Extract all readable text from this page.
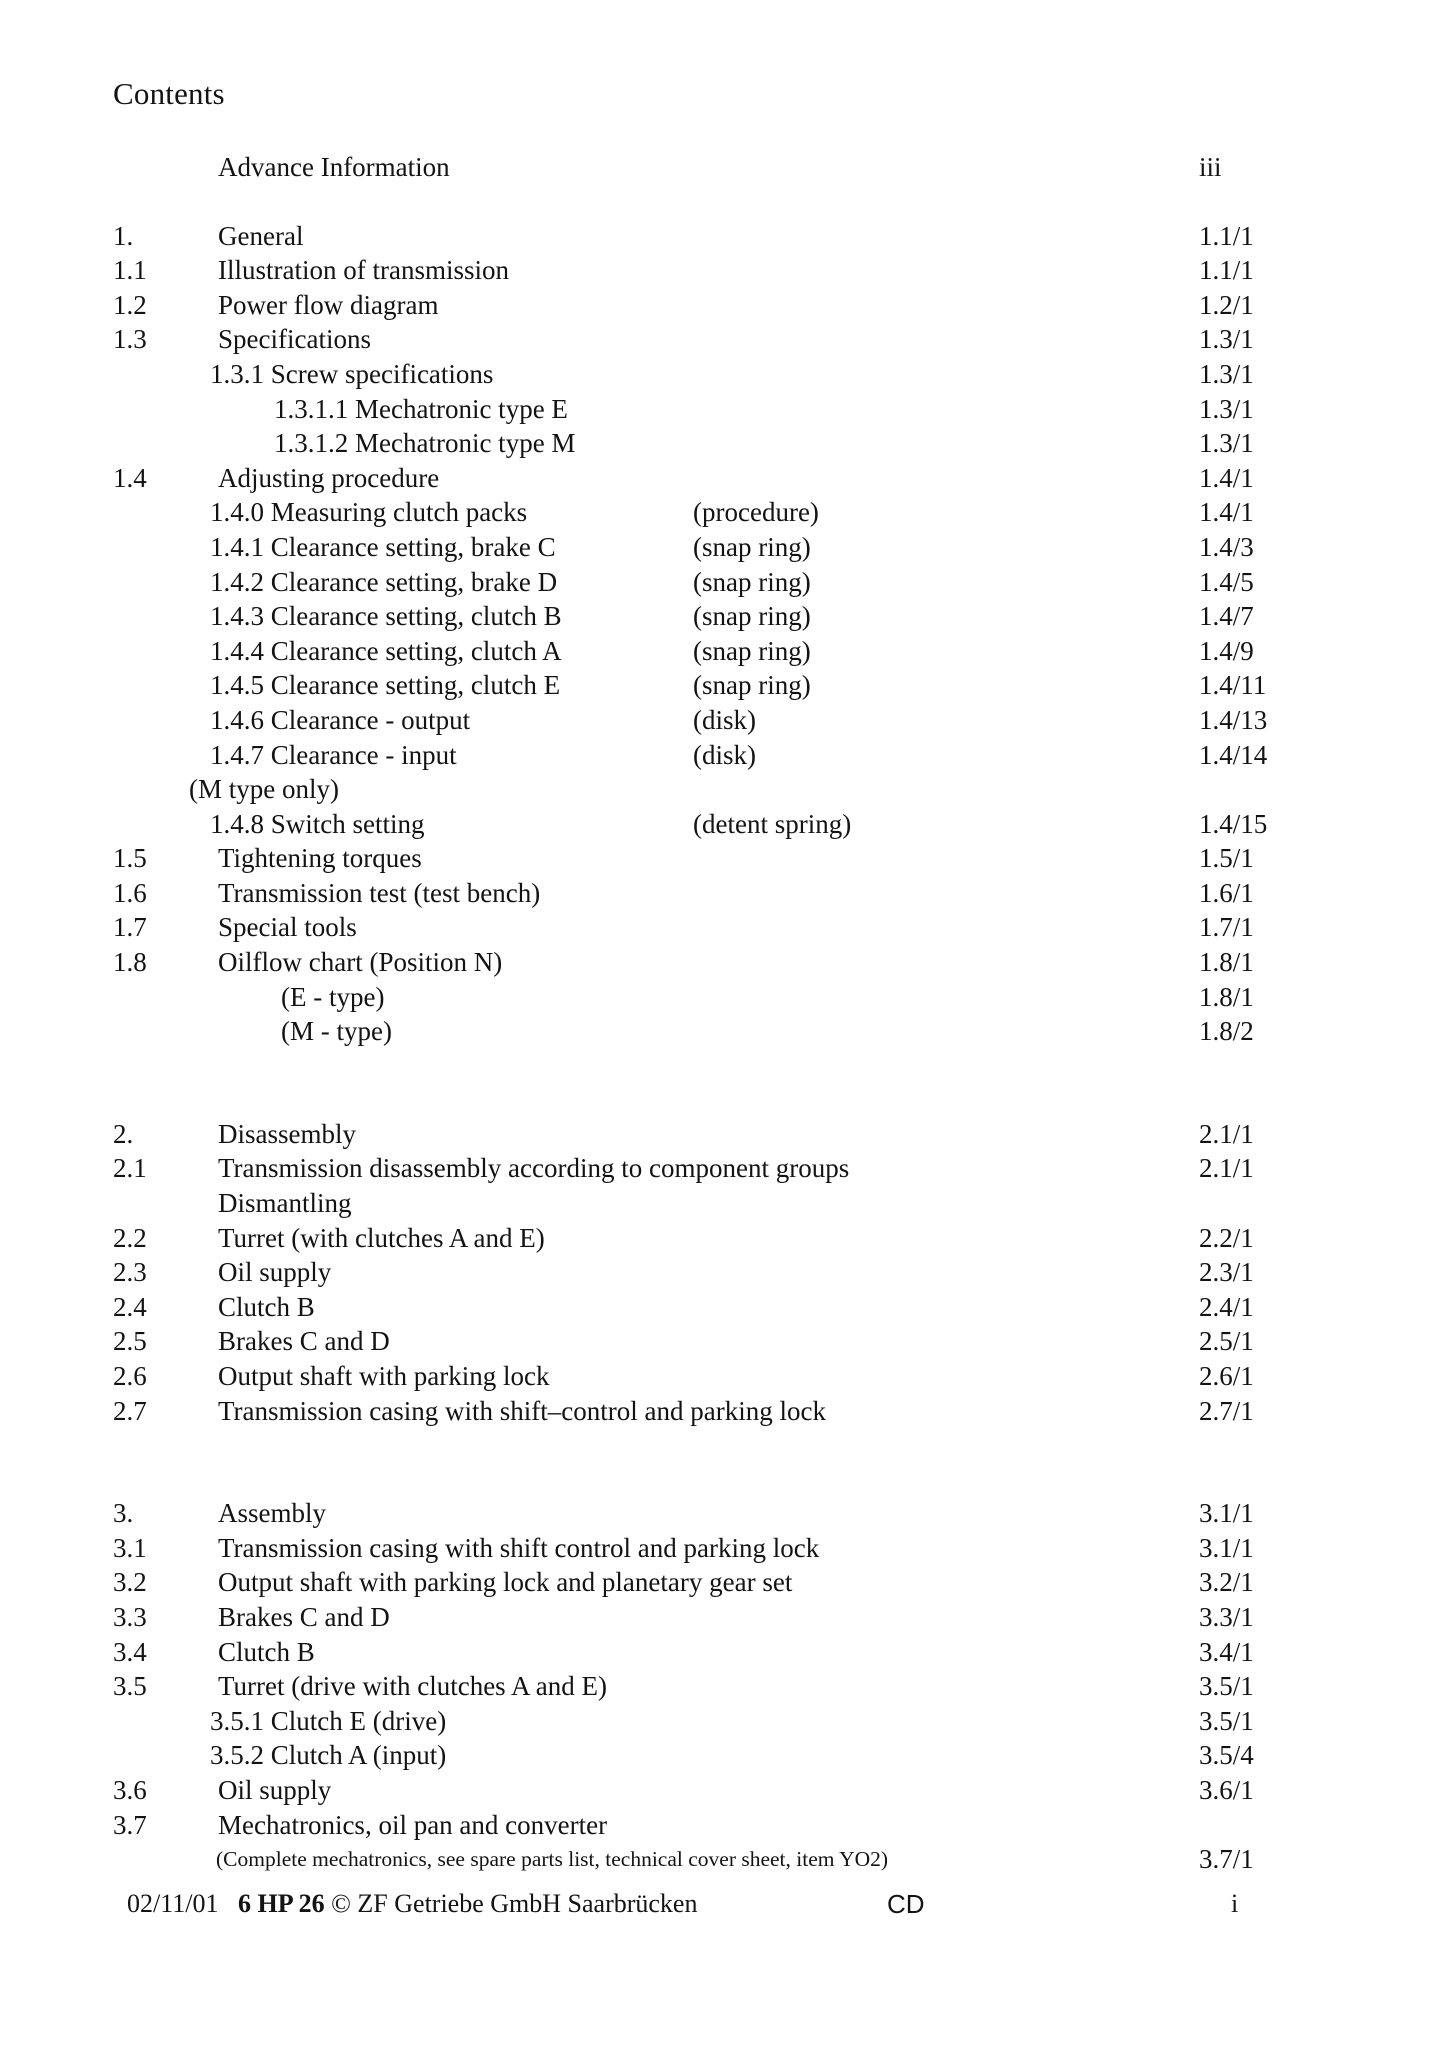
Contents
Advance Information	iii
1.	General	1.1/1
1.1	Illustration of transmission	1.1/1
1.2	Power flow diagram	1.2/1
1.3	Specifications	1.3/1
1.3.1 Screw specifications	1.3/1
1.3.1.1 Mechatronic type E	1.3/1
1.3.1.2 Mechatronic type M	1.3/1
1.4	Adjusting procedure	1.4/1
1.4.0 Measuring clutch packs	(procedure)	1.4/1
1.4.1 Clearance setting, brake C	(snap ring)	1.4/3
1.4.2 Clearance setting, brake D	(snap ring)	1.4/5
1.4.3 Clearance setting, clutch B	(snap ring)	1.4/7
1.4.4 Clearance setting, clutch A	(snap ring)	1.4/9
1.4.5 Clearance setting, clutch E	(snap ring)	1.4/11
1.4.6 Clearance - output	(disk)	1.4/13
1.4.7 Clearance - input	(disk)	1.4/14
(M type only)
1.4.8 Switch setting	(detent spring)	1.4/15
1.5	Tightening torques	1.5/1
1.6	Transmission test (test bench)	1.6/1
1.7	Special tools	1.7/1
1.8	Oilflow chart (Position N)	1.8/1
(E - type)	1.8/1
(M - type)	1.8/2
2.	Disassembly	2.1/1
2.1	Transmission disassembly according to component groups	2.1/1
Dismantling
2.2	Turret (with clutches A and E)	2.2/1
2.3	Oil supply	2.3/1
2.4	Clutch B	2.4/1
2.5	Brakes C and D	2.5/1
2.6	Output shaft with parking lock	2.6/1
2.7	Transmission casing with shift–control and parking lock	2.7/1
3.	Assembly	3.1/1
3.1	Transmission casing with shift control and parking lock	3.1/1
3.2	Output shaft with parking lock and planetary gear set	3.2/1
3.3	Brakes C and D	3.3/1
3.4	Clutch B	3.4/1
3.5	Turret (drive with clutches A and E)	3.5/1
3.5.1 Clutch E (drive)	3.5/1
3.5.2 Clutch A (input)	3.5/4
3.6	Oil supply	3.6/1
3.7	Mechatronics, oil pan and converter
(Complete mechatronics, see spare parts list, technical cover sheet, item YO2)	3.7/1
02/11/01 6 HP 26 © ZF Getriebe GmbH Saarbrücken	CD	i
